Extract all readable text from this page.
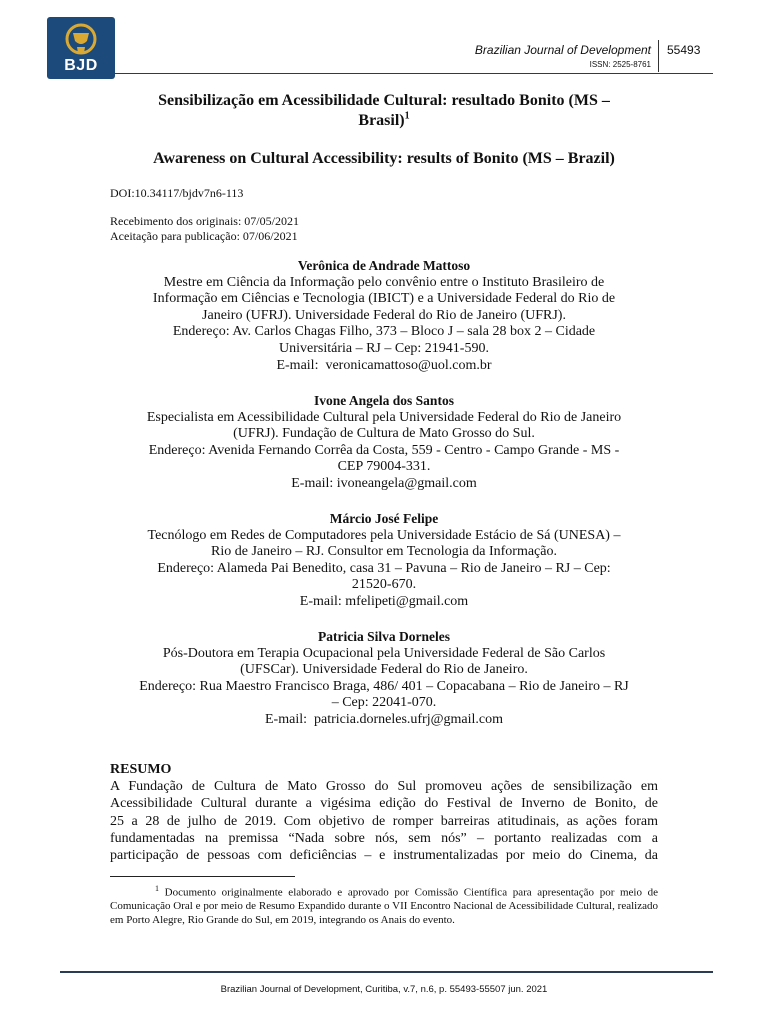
BJD
Brazilian Journal of Development
ISSN: 2525-8761
55493
Sensibilização em Acessibilidade Cultural: resultado Bonito (MS –
Brasil)$^1$
Awareness on Cultural Accessibility: results of Bonito (MS – Brazil)
DOI:10.34117/bjdv7n6-113
Recebimento dos originais: 07/05/2021
Aceitação para publicação: 07/06/2021
Verônica de Andrade Mattoso
Mestre em Ciência da Informação pelo convênio entre o Instituto Brasileiro de
Informação em Ciências e Tecnologia (IBICT) e a Universidade Federal do Rio de
Janeiro (UFRJ). Universidade Federal do Rio de Janeiro (UFRJ).
Endereço: Av. Carlos Chagas Filho, 373 – Bloco J – sala 28 box 2 – Cidade
Universitária – RJ – Cep: 21941-590.
E-mail:  veronicamattoso@uol.com.br
Ivone Angela dos Santos
Especialista em Acessibilidade Cultural pela Universidade Federal do Rio de Janeiro
(UFRJ). Fundação de Cultura de Mato Grosso do Sul.
Endereço: Avenida Fernando Corrêa da Costa, 559 - Centro - Campo Grande - MS -
CEP 79004-331.
E-mail: ivoneangela@gmail.com
Márcio José Felipe
Tecnólogo em Redes de Computadores pela Universidade Estácio de Sá (UNESA) –
Rio de Janeiro – RJ. Consultor em Tecnologia da Informação.
Endereço: Alameda Pai Benedito, casa 31 – Pavuna – Rio de Janeiro – RJ – Cep:
21520-670.
E-mail: mfelipeti@gmail.com
Patricia Silva Dorneles
Pós-Doutora em Terapia Ocupacional pela Universidade Federal de São Carlos
(UFSCar). Universidade Federal do Rio de Janeiro.
Endereço: Rua Maestro Francisco Braga, 486/ 401 – Copacabana – Rio de Janeiro – RJ
– Cep: 22041-070.
E-mail:  patricia.dorneles.ufrj@gmail.com
RESUMO
A Fundação de Cultura de Mato Grosso do Sul promoveu ações de sensibilização em
Acessibilidade Cultural durante a vigésima edição do Festival de Inverno de Bonito, de
25 a 28 de julho de 2019. Com objetivo de romper barreiras atitudinais, as ações foram
fundamentadas na premissa “Nada sobre nós, sem nós” – portanto realizadas com a
participação de pessoas com deficiências – e instrumentalizadas por meio do Cinema, da
$^1$ Documento originalmente elaborado e aprovado por Comissão Científica para apresentação por meio de Comunicação Oral e por meio de Resumo Expandido durante o VII Encontro Nacional de Acessibilidade Cultural, realizado em Porto Alegre, Rio Grande do Sul, em 2019, integrando os Anais do evento.
Brazilian Journal of Development, Curitiba, v.7, n.6, p. 55493-55507 jun. 2021
